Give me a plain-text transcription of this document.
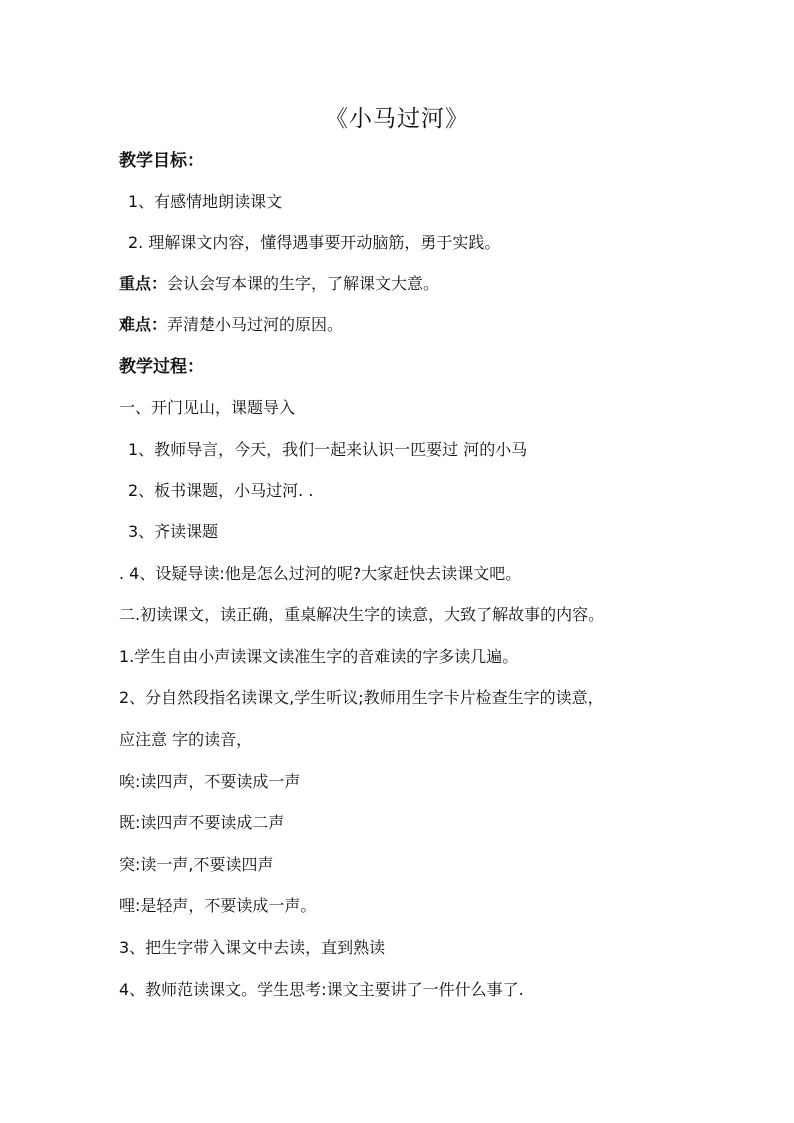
《小马过河》
教学目标：
1、有感情地朗读课文
2. 理解课文内容，懂得遇事要开动脑筋，勇于实践。
重点：会认会写本课的生字，了解课文大意。
难点：弄清楚小马过河的原因。
教学过程：
一、开门见山，课题导入
1、教师导言，今天，我们一起来认识一匹要过 河的小马
2、板书课题，小马过河. .
3、齐读课题
. 4、设疑导读:他是怎么过河的呢?大家赶快去读课文吧。
二.初读课文，读正确，重桌解决生字的读意，大致了解故事的内容。
1.学生自由小声读课文读准生字的音难读的字多读几遍。
2、分自然段指名读课文,学生听议;教师用生字卡片检查生字的读意，
应注意 字的读音，
唉:读四声，不要读成一声
既:读四声不要读成二声
突:读一声,不要读四声
哩:是轻声，不要读成一声。
3、把生字带入课文中去读，直到熟读
4、教师范读课文。学生思考:课文主要讲了一件什么事了.
